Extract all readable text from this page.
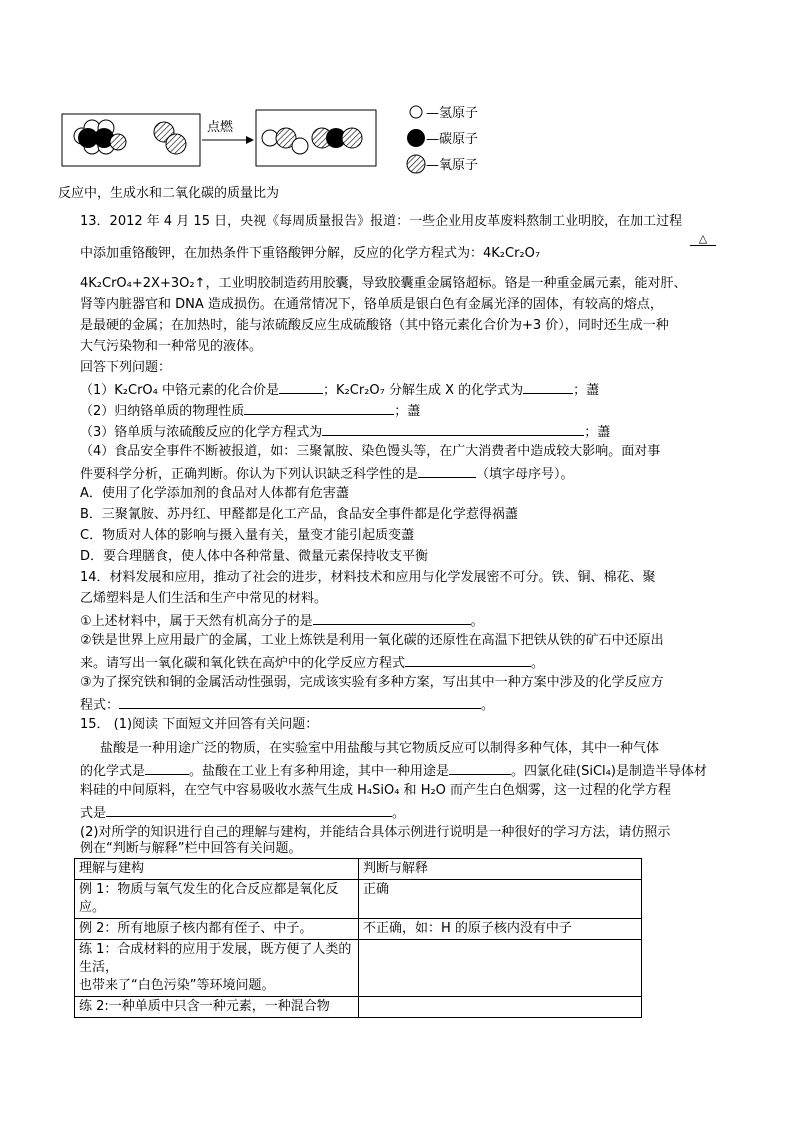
点燃
—氢原子
—碳原子
—氧原子
反应中，生成水和二氧化碳的质量比为
13．2012 年 4 月 15 日，央视《每周质量报告》报道：一些企业用皮革废料熬制工业明胶，在加工过程
中添加重铬酸钾，在加热条件下重铬酸钾分解，反应的化学方程式为：4K₂Cr₂O₇
△
4K₂CrO₄+2X+3O₂↑，工业明胶制造药用胶囊，导致胶囊重金属铬超标。铬是一种重金属元素，能对肝、
肾等内脏器官和 DNA 造成损伤。在通常情况下，铬单质是银白色有金属光泽的固体，有较高的熔点，
是最硬的金属；在加热时，能与浓硫酸反应生成硫酸铬（其中铬元素化合价为+3 价），同时还生成一种
大气污染物和一种常见的液体。
回答下列问题：
（1）K₂CrO₄ 中铬元素的化合价是	；K₂Cr₂O₇ 分解生成 X 的化学式为	；藎
（2）归纳铬单质的物理性质	；藎
（3）铬单质与浓硫酸反应的化学方程式为	；藎
（4）食品安全事件不断被报道，如：三聚氰胺、染色馒头等，在广大消费者中造成较大影响。面对事
件要科学分析，正确判断。你认为下列认识缺乏科学性的是	（填字母序号）。
A．使用了化学添加剂的食品对人体都有危害藎
B．三聚氰胺、苏丹红、甲醛都是化工产品，食品安全事件都是化学惹得祸藎
C．物质对人体的影响与摄入量有关，量变才能引起质变藎
D．要合理膳食，使人体中各种常量、微量元素保持收支平衡
14．材料发展和应用，推动了社会的进步，材料技术和应用与化学发展密不可分。铁、铜、棉花、聚
乙烯塑料是人们生活和生产中常见的材料。
①上述材料中，属于天然有机高分子的是	。
②铁是世界上应用最广的金属，工业上炼铁是利用一氧化碳的还原性在高温下把铁从铁的矿石中还原出
来。请写出一氧化碳和氧化铁在高炉中的化学反应方程式	。
③为了探究铁和铜的金属活动性强弱，完成该实验有多种方案，写出其中一种方案中涉及的化学反应方
程式：	。
15． (1)阅读 下面短文并回答有关问题：
盐酸是一种用途广泛的物质，在实验室中用盐酸与其它物质反应可以制得多种气体，其中一种气体
的化学式是	。盐酸在工业上有多种用途，其中一种用途是	。四氯化硅(SiCl₄)是制造半导体材
料硅的中间原料，在空气中容易吸收水蒸气生成 H₄SiO₄ 和 H₂O 而产生白色烟雾，这一过程的化学方程
式是	。
(2)对所学的知识进行自己的理解与建构，并能结合具体示例进行说明是一种很好的学习方法，请仿照示
例在“判断与解释”栏中回答有关问题。
理解与建构	判断与解释
例 1：物质与氧气发生的化合反应都是氧化反应。	正确
例 2：所有地原子核内都有侄子、中子。	不正确，如：H 的原子核内没有中子
练 1：合成材料的应用于发展，既方便了人类的生活，
也带来了“白色污染”等环境问题。	
练 2:一种单质中只含一种元素，一种混合物	
